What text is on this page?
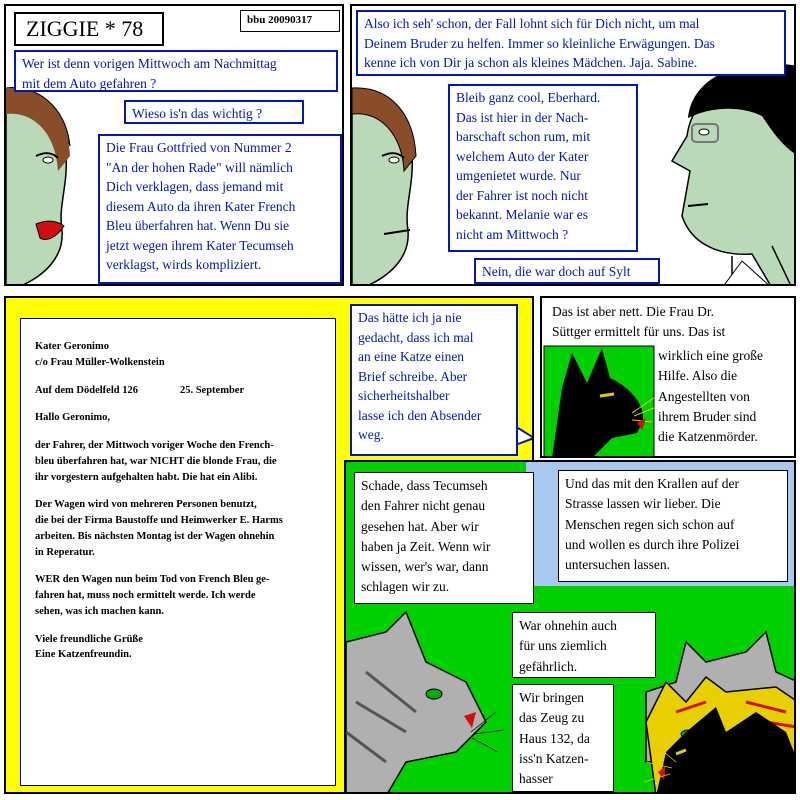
ZIGGIE * 78	bbu 20090317
Wer ist denn vorigen Mittwoch am Nachmittag
mit dem Auto gefahren ?
Wieso is'n das wichtig ?
Die Frau Gottfried von Nummer 2
"An der hohen Rade" will nämlich
Dich verklagen, dass jemand mit
diesem Auto da ihren Kater French
Bleu überfahren hat. Wenn Du sie
jetzt wegen ihrem Kater Tecumseh
verklagst, wirds kompliziert.
Also ich seh' schon, der Fall lohnt sich für Dich nicht, um mal
Deinem Bruder zu helfen. Immer so kleinliche Erwägungen. Das
kenne ich von Dir ja schon als kleines Mädchen. Jaja. Sabine.
Bleib ganz cool, Eberhard.
Das ist hier in der Nach-
barschaft schon rum, mit
welchem Auto der Kater
umgenietet wurde. Nur
der Fahrer ist noch nicht
bekannt. Melanie war es
nicht am Mittwoch ?
Nein, die war doch auf Sylt

Kater Geronimo
c/o Frau Müller-Wolkenstein

Auf dem Dödelfeld 126	25. September

Hallo Geronimo,

der Fahrer, der Mittwoch voriger Woche den French-
bleu überfahren hat, war NICHT die blonde Frau, die
ihr vorgestern aufgehalten habt. Die hat ein Alibi.

Der Wagen wird von mehreren Personen benutzt,
die bei der Firma Baustoffe und Heimwerker E. Harms
arbeiten. Bis nächsten Montag ist der Wagen ohnehin
in Reperatur.

WER den Wagen nun beim Tod von French Bleu ge-
fahren hat, muss noch ermittelt werde. Ich werde
sehen, was ich machen kann.

Viele freundliche Grüße
Eine Katzenfreundin.

Das hätte ich ja nie
gedacht, dass ich mal
an eine Katze einen
Brief schreibe. Aber
sicherheitshalber
lasse ich den Absender
weg.
Das ist aber nett. Die Frau Dr.
Süttger ermittelt für uns. Das ist
wirklich eine große
Hilfe. Also die
Angestellten von
ihrem Bruder sind
die Katzenmörder.
Schade, dass Tecumseh
den Fahrer nicht genau
gesehen hat. Aber wir
haben ja Zeit. Wenn wir
wissen, wer's war, dann
schlagen wir zu.
Und das mit den Krallen auf der
Strasse lassen wir lieber. Die
Menschen regen sich schon auf
und wollen es durch ihre Polizei
untersuchen lassen.
War ohnehin auch
für uns ziemlich
gefährlich.
Wir bringen
das Zeug zu
Haus 132, da
iss'n Katzen-
hasser
